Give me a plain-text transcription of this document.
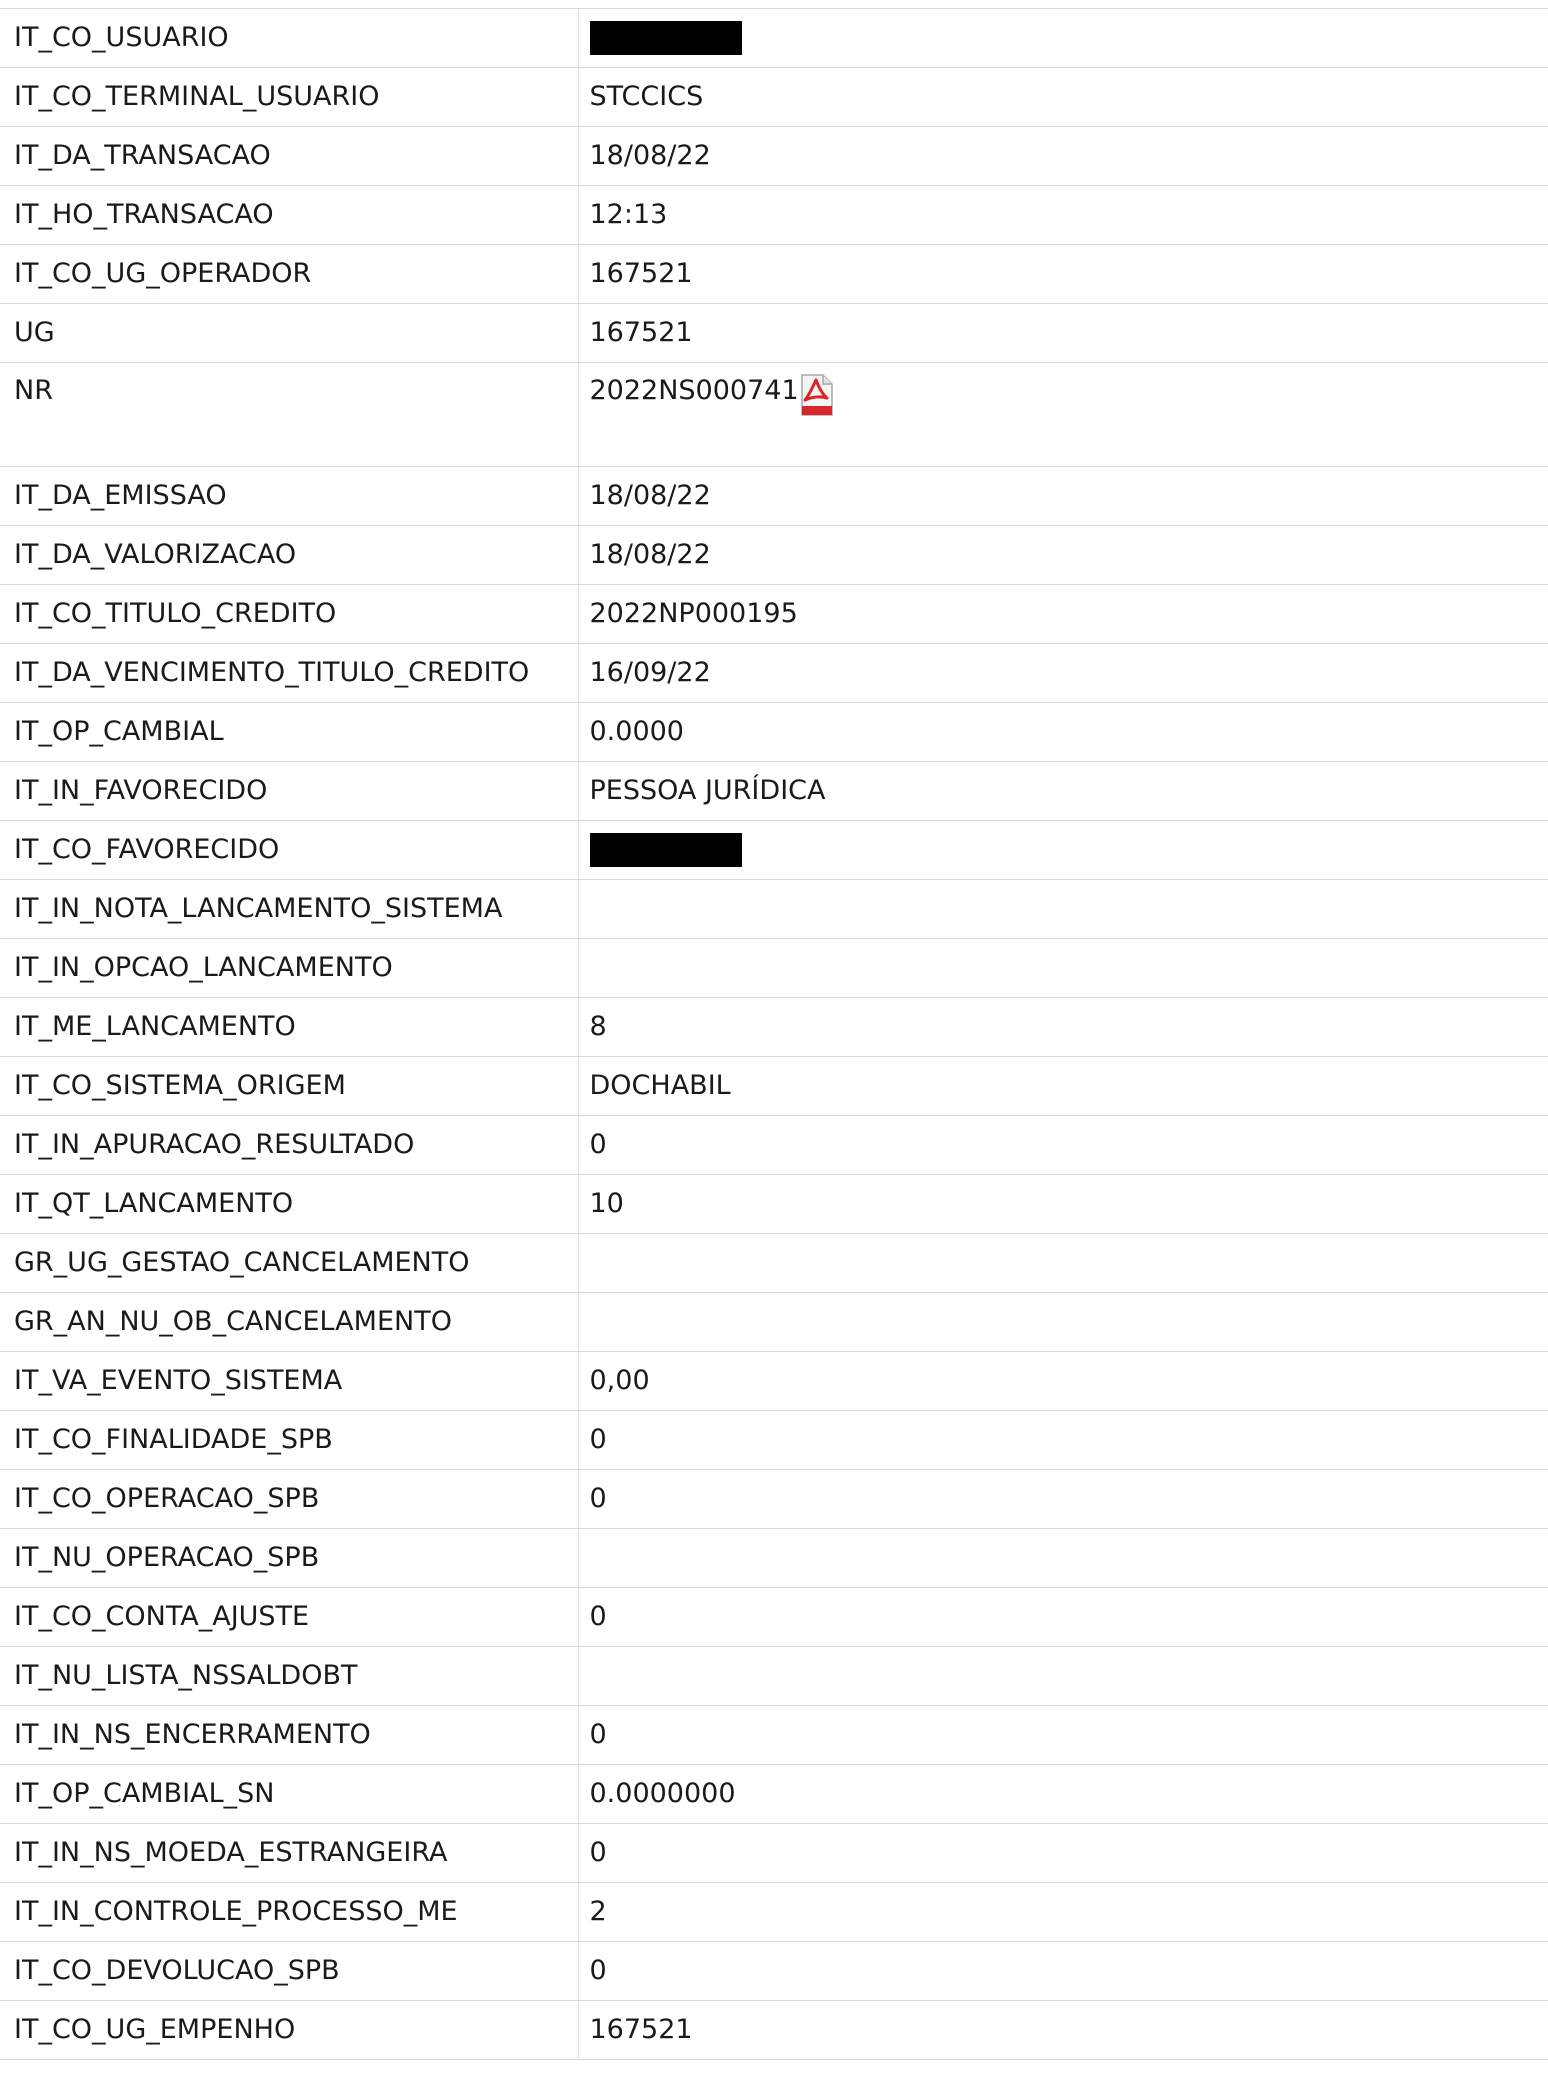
IT_CO_USUARIO	
IT_CO_TERMINAL_USUARIO	STCCICS
IT_DA_TRANSACAO	18/08/22
IT_HO_TRANSACAO	12:13
IT_CO_UG_OPERADOR	167521
UG	167521
NR	2022NS000741
IT_DA_EMISSAO	18/08/22
IT_DA_VALORIZACAO	18/08/22
IT_CO_TITULO_CREDITO	2022NP000195
IT_DA_VENCIMENTO_TITULO_CREDITO	16/09/22
IT_OP_CAMBIAL	0.0000
IT_IN_FAVORECIDO	PESSOA JURÍDICA
IT_CO_FAVORECIDO	
IT_IN_NOTA_LANCAMENTO_SISTEMA	
IT_IN_OPCAO_LANCAMENTO	
IT_ME_LANCAMENTO	8
IT_CO_SISTEMA_ORIGEM	DOCHABIL
IT_IN_APURACAO_RESULTADO	0
IT_QT_LANCAMENTO	10
GR_UG_GESTAO_CANCELAMENTO	
GR_AN_NU_OB_CANCELAMENTO	
IT_VA_EVENTO_SISTEMA	0,00
IT_CO_FINALIDADE_SPB	0
IT_CO_OPERACAO_SPB	0
IT_NU_OPERACAO_SPB	
IT_CO_CONTA_AJUSTE	0
IT_NU_LISTA_NSSALDOBT	
IT_IN_NS_ENCERRAMENTO	0
IT_OP_CAMBIAL_SN	0.0000000
IT_IN_NS_MOEDA_ESTRANGEIRA	0
IT_IN_CONTROLE_PROCESSO_ME	2
IT_CO_DEVOLUCAO_SPB	0
IT_CO_UG_EMPENHO	167521
